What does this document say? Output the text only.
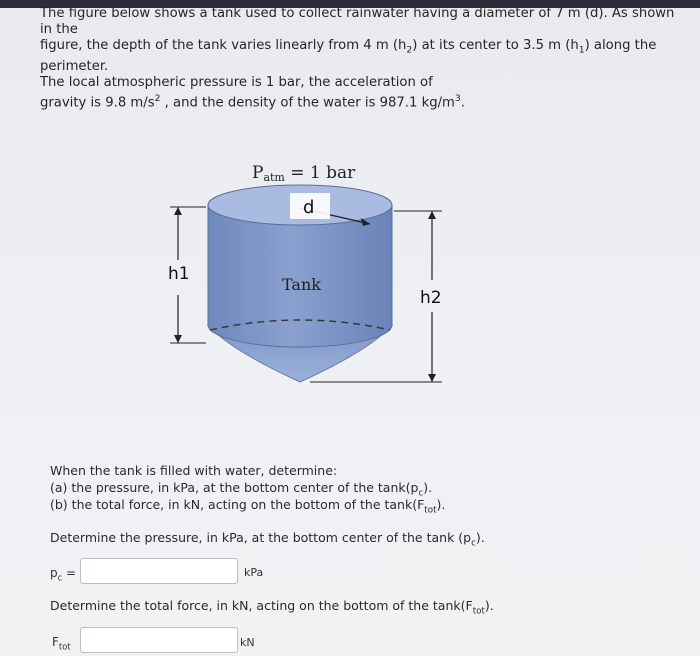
The figure below shows a tank used to collect rainwater having a diameter of 7 m (d). As shown in the

figure, the depth of the tank varies linearly from 4 m $(h_2)$ at its center to 3.5 m $(h_1)$ along the perimeter.

The local atmospheric pressure is 1 bar, the acceleration of

gravity is 9.8 $m/s^2$ , and the density of the water is 987.1 $kg/m^3$.

Patm = 1 bar
d
Tank
h1
h2
When the tank is filled with water, determine:
(a) the pressure, in kPa, at the bottom center of the $\tan k(p_c)$.
(b) the total force, in kN, acting on the bottom of the $\tan k(F_{tot})$.
Determine the pressure, in kPa, at the bottom center of the tank $(p_c)$.
$p_c$ =	kPa
Determine the total force, in kN, acting on the bottom of the $\tan k(F_{tot})$.
$F_{tot}$	kN
